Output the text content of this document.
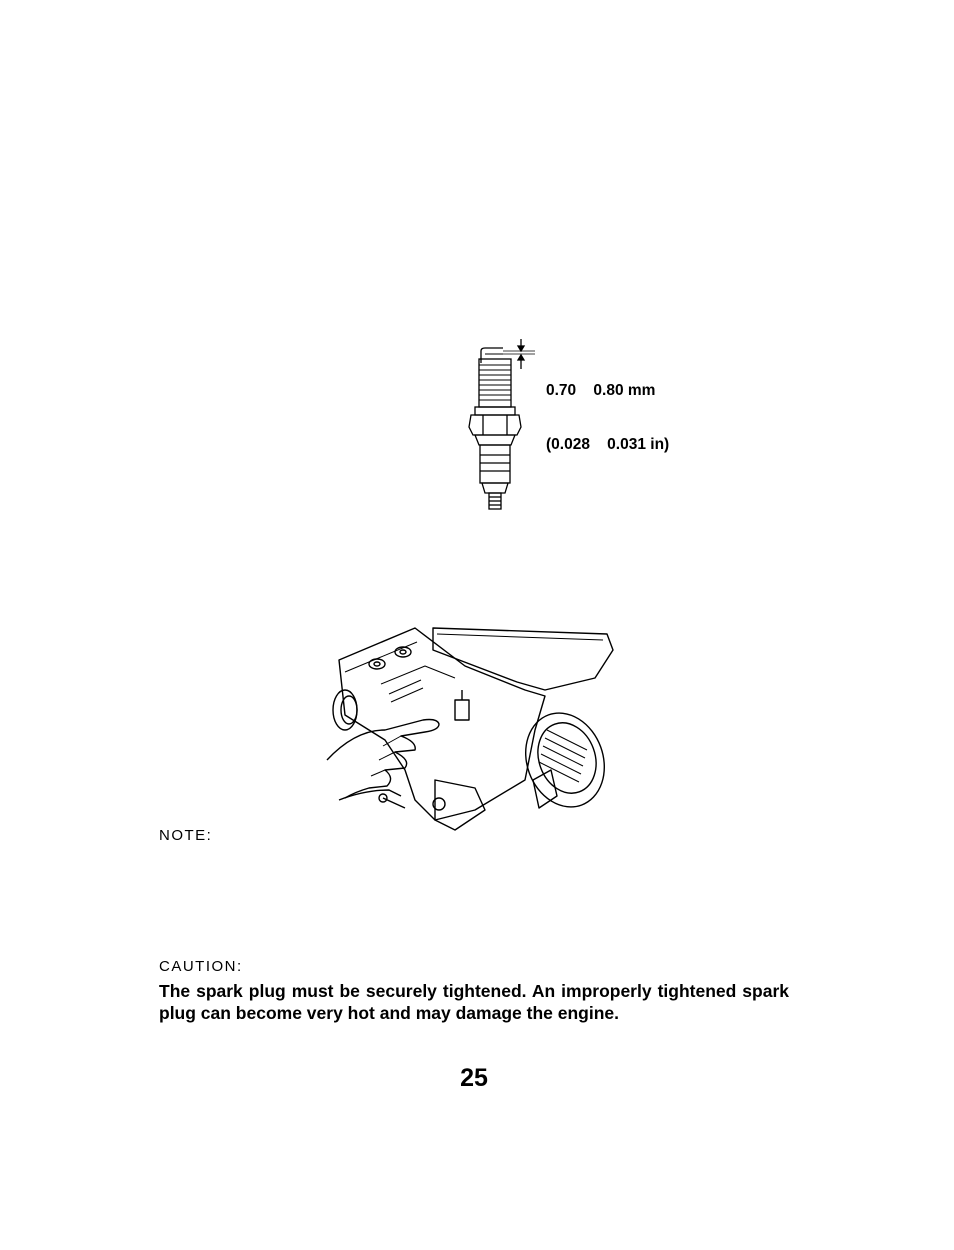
0.70    0.80 mm

(0.028    0.031 in)

NOTE:
CAUTION:
The spark plug must be securely tightened. An improperly tightened spark plug can become very hot and may damage the engine.
25
